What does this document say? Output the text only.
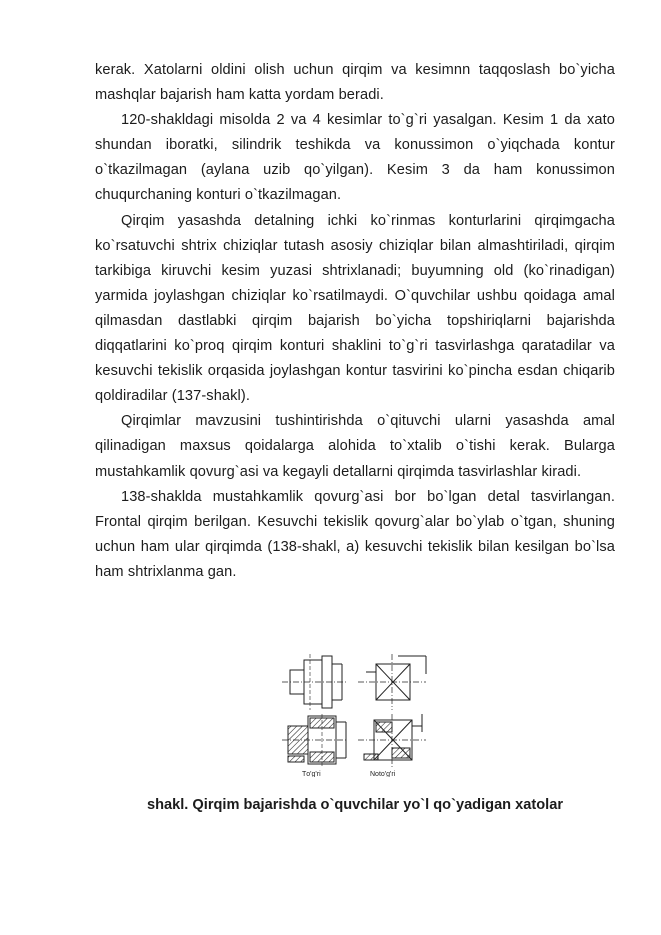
kerak. Xatolarni oldini olish uchun qirqim va kesimnn taqqoslash bo`yicha mashqlar bajarish ham katta yordam beradi.

120-shakldagi misolda 2 va 4 kesimlar to`g`ri yasalgan. Kesim 1 da xato shundan iboratki, silindrik teshikda va konussimon o`yiqchada kontur o`tkazilmagan (aylana uzib qo`yilgan). Kesim 3 da ham konussimon chuqurchaning konturi o`tkazilmagan.

Qirqim yasashda detalning ichki ko`rinmas konturlarini qirqimgacha ko`rsatuvchi shtrix chiziqlar tutash asosiy chiziqlar bilan almashtiriladi, qirqim tarkibiga kiruvchi kesim yuzasi shtrixlanadi; buyumning old (ko`rinadigan) yarmida joylashgan chiziqlar ko`rsatilmaydi. O`quvchilar ushbu qoidaga amal qilmasdan dastlabki qirqim bajarish bo`yicha topshiriqlarni bajarishda diqqatlarini ko`proq qirqim konturi shaklini to`g`ri tasvirlashga qaratadilar va kesuvchi tekislik orqasida joylashgan kontur tasvirini ko`pincha esdan chiqarib qoldiradilar (137-shakl).

Qirqimlar mavzusini tushintirishda o`qituvchi ularni yasashda amal qilinadigan maxsus qoidalarga alohida to`xtalib o`tishi kerak. Bularga mustahkamlik qovurg`asi va kegayli detallarni qirqimda tasvirlashlar kiradi.

138-shaklda mustahkamlik qovurg`asi bor bo`lgan detal tasvirlangan. Frontal qirqim berilgan. Kesuvchi tekislik qovurg`alar bo`ylab o`tgan, shuning uchun ham ular qirqimda (138-shakl, a) kesuvchi tekislik bilan kesilgan bo`lsa ham shtrixlanma gan.

Tо'g'ri	Notо'g'ri
shakl. Qirqim bajarishda o`quvchilar yo`l qo`yadigan xatolar
